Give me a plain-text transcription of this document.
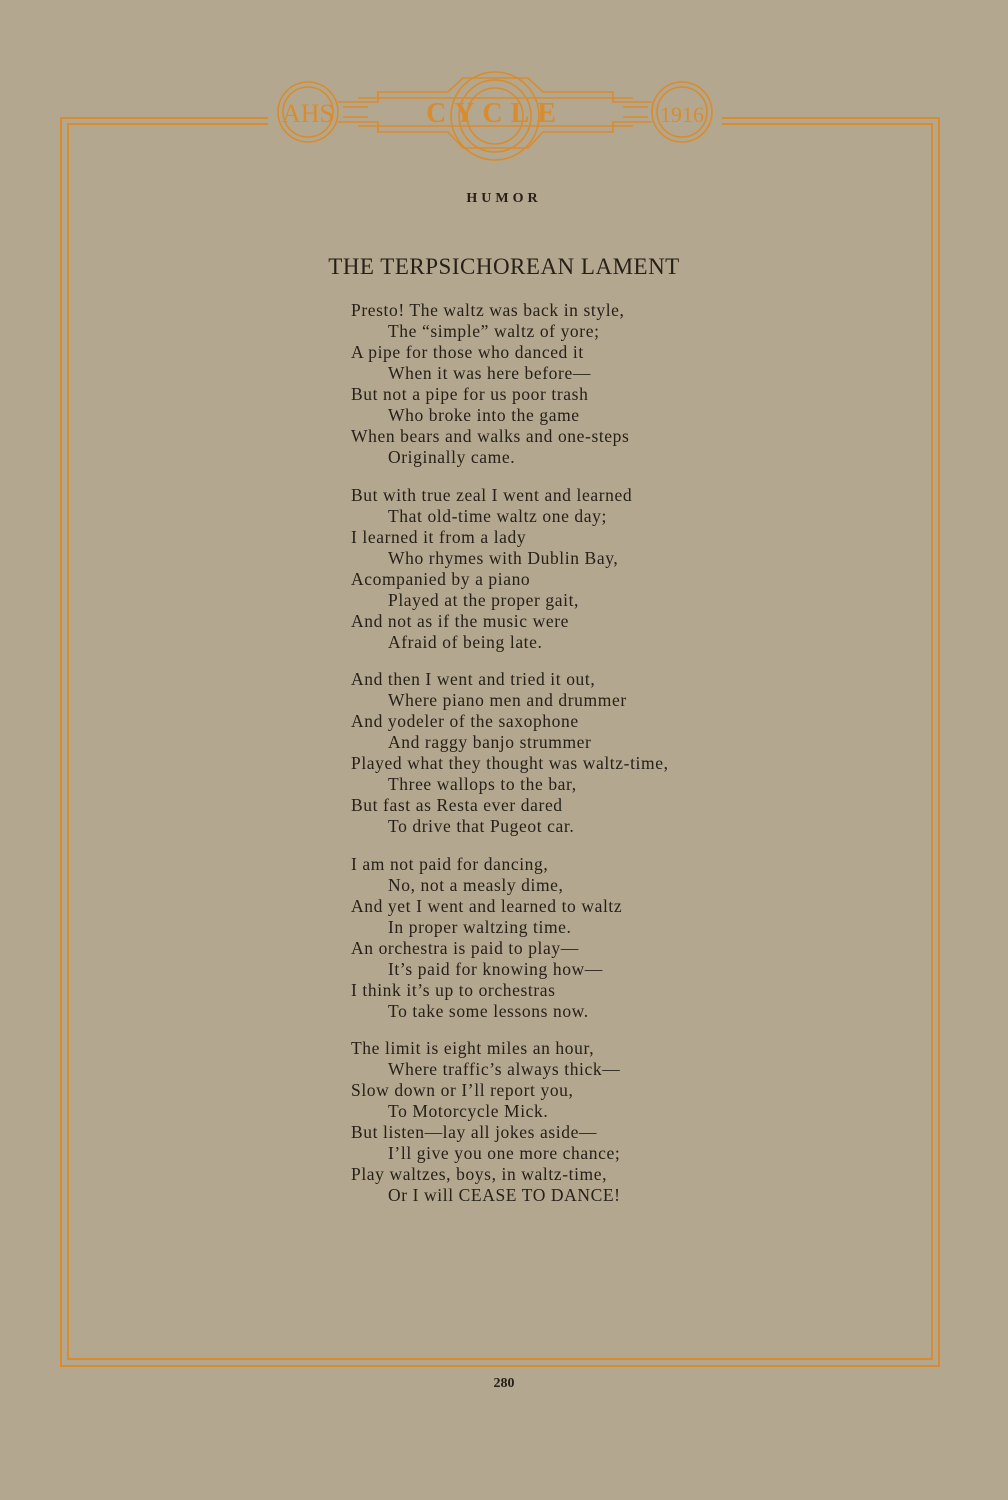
AHS	CYCLE	1916
HUMOR
THE TERPSICHOREAN LAMENT
Presto! The waltz was back in style,
The “simple” waltz of yore;
A pipe for those who danced it
When it was here before—
But not a pipe for us poor trash
Who broke into the game
When bears and walks and one-steps
Originally came.
But with true zeal I went and learned
That old-time waltz one day;
I learned it from a lady
Who rhymes with Dublin Bay,
Acompanied by a piano
Played at the proper gait,
And not as if the music were
Afraid of being late.
And then I went and tried it out,
Where piano men and drummer
And yodeler of the saxophone
And raggy banjo strummer
Played what they thought was waltz-time,
Three wallops to the bar,
But fast as Resta ever dared
To drive that Pugeot car.
I am not paid for dancing,
No, not a measly dime,
And yet I went and learned to waltz
In proper waltzing time.
An orchestra is paid to play—
It’s paid for knowing how—
I think it’s up to orchestras
To take some lessons now.
The limit is eight miles an hour,
Where traffic’s always thick—
Slow down or I’ll report you,
To Motorcycle Mick.
But listen—lay all jokes aside—
I’ll give you one more chance;
Play waltzes, boys, in waltz-time,
Or I will CEASE TO DANCE!
280
